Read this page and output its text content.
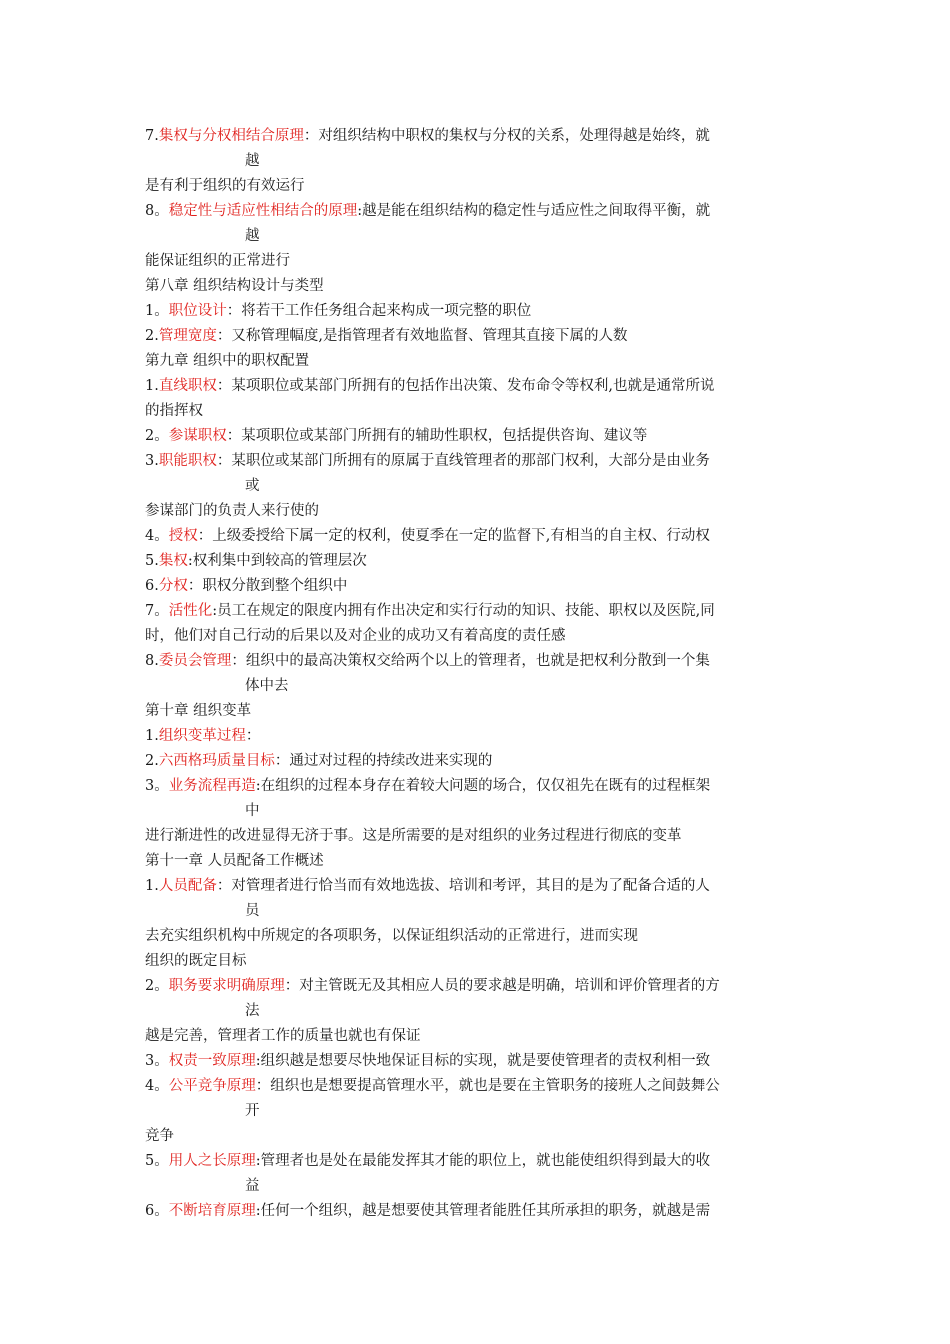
7.集权与分权相结合原理：对组织结构中职权的集权与分权的关系，处理得越是始终，就
越
是有利于组织的有效运行
8。稳定性与适应性相结合的原理:越是能在组织结构的稳定性与适应性之间取得平衡，就
越
能保证组织的正常进行
第八章 组织结构设计与类型
1。职位设计：将若干工作任务组合起来构成一项完整的职位
2.管理宽度：又称管理幅度,是指管理者有效地监督、管理其直接下属的人数
第九章 组织中的职权配置
1.直线职权：某项职位或某部门所拥有的包括作出决策、发布命令等权利,也就是通常所说
的指挥权
2。参谋职权：某项职位或某部门所拥有的辅助性职权，包括提供咨询、建议等
3.职能职权：某职位或某部门所拥有的原属于直线管理者的那部门权利，大部分是由业务
或
参谋部门的负责人来行使的
4。授权：上级委授给下属一定的权利，使夏季在一定的监督下,有相当的自主权、行动权
5.集权:权利集中到较高的管理层次
6.分权：职权分散到整个组织中
7。活性化:员工在规定的限度内拥有作出决定和实行行动的知识、技能、职权以及医院,同
时，他们对自己行动的后果以及对企业的成功又有着高度的责任感
8.委员会管理：组织中的最高决策权交给两个以上的管理者，也就是把权利分散到一个集
体中去
第十章 组织变革
1.组织变革过程：
2.六西格玛质量目标：通过对过程的持续改进来实现的
3。业务流程再造:在组织的过程本身存在着较大问题的场合，仅仅祖先在既有的过程框架
中
进行渐进性的改进显得无济于事。这是所需要的是对组织的业务过程进行彻底的变革
第十一章 人员配备工作概述
1.人员配备：对管理者进行恰当而有效地选拔、培训和考评，其目的是为了配备合适的人
员
去充实组织机构中所规定的各项职务，以保证组织活动的正常进行，进而实现
组织的既定目标
2。职务要求明确原理：对主管既无及其相应人员的要求越是明确，培训和评价管理者的方
法
越是完善，管理者工作的质量也就也有保证
3。权责一致原理:组织越是想要尽快地保证目标的实现，就是要使管理者的责权利相一致
4。公平竞争原理：组织也是想要提高管理水平，就也是要在主管职务的接班人之间鼓舞公
开
竞争
5。用人之长原理:管理者也是处在最能发挥其才能的职位上，就也能使组织得到最大的收
益
6。不断培育原理:任何一个组织，越是想要使其管理者能胜任其所承担的职务，就越是需
